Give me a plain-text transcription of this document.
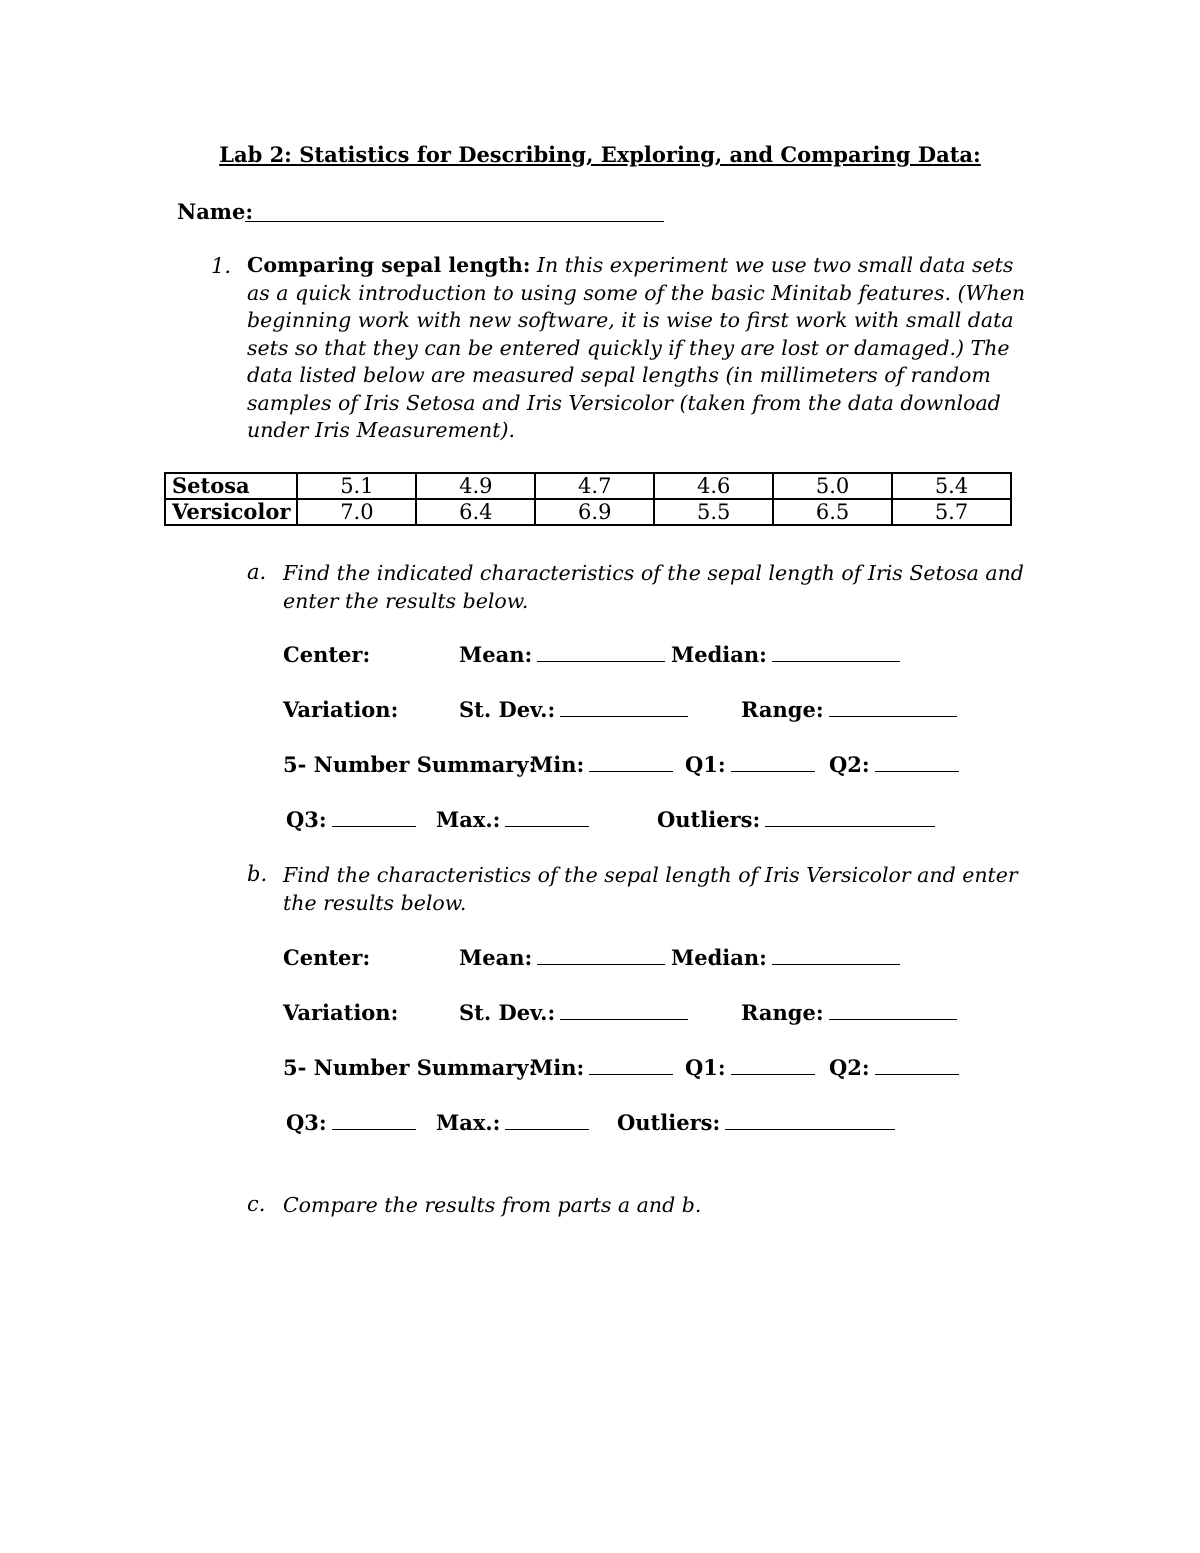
Lab 2: Statistics for Describing, Exploring, and Comparing Data:
Name:
1. Comparing sepal length: In this experiment we use two small data sets as a quick introduction to using some of the basic Minitab features. (When beginning work with new software, it is wise to first work with small data sets so that they can be entered quickly if they are lost or damaged.) The data listed below are measured sepal lengths (in millimeters of random samples of Iris Setosa and Iris Versicolor (taken from the data download under Iris Measurement).
Setosa	5.1	4.9	4.7	4.6	5.0	5.4
Versicolor	7.0	6.4	6.9	5.5	6.5	5.7
a. Find the indicated characteristics of the sepal length of Iris Setosa and enter the results below.
Center:	Mean:	Median:
Variation:	St. Dev.:	Range:
5- Number Summary:
Min:	Q1:	Q2:
Q3:	Max.:	Outliers:
b. Find the characteristics of the sepal length of Iris Versicolor and enter the results below.
Center:	Mean:	Median:
Variation:	St. Dev.:	Range:
5- Number Summary:
Min:	Q1:	Q2:
Q3:	Max.:	Outliers:
c. Compare the results from parts a and b.
